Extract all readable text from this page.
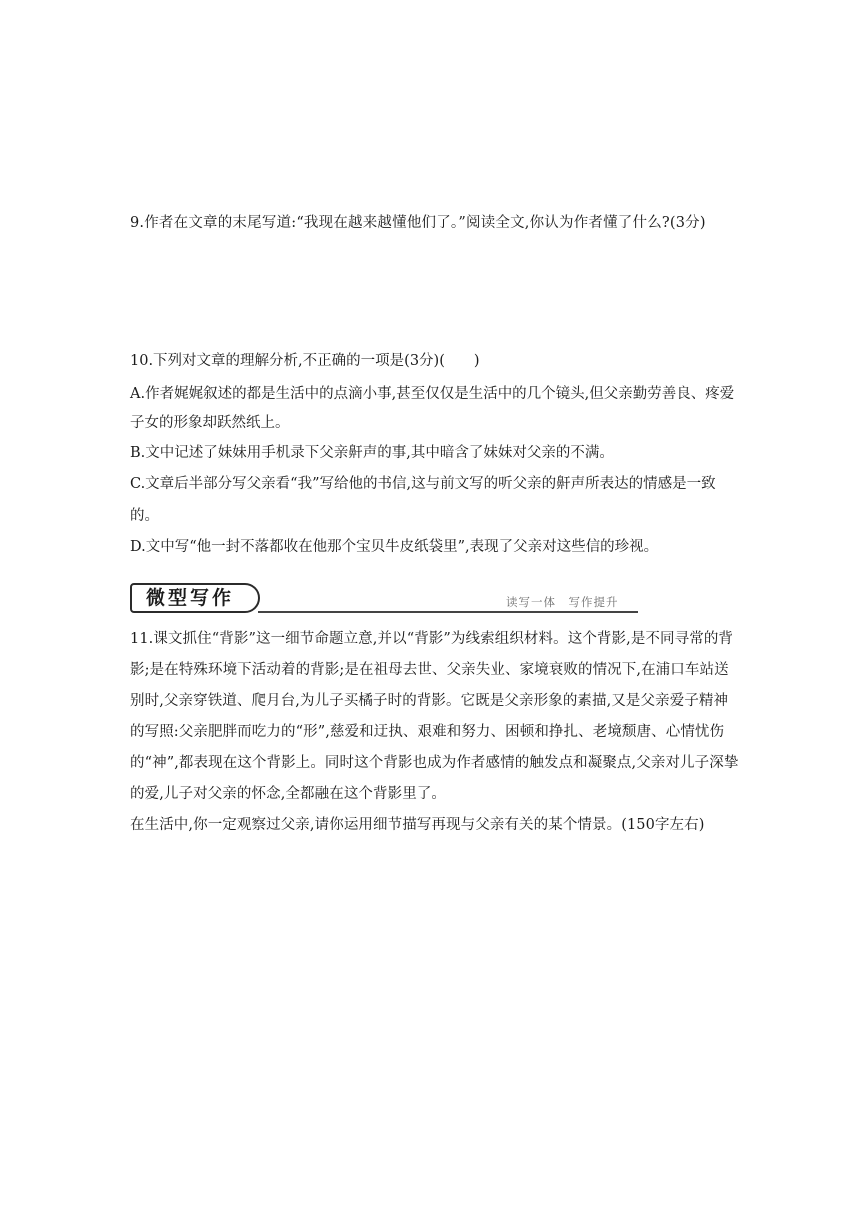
9.作者在文章的末尾写道:“我现在越来越懂他们了。”阅读全文,你认为作者懂了什么?(3分)

10.下列对文章的理解分析,不正确的一项是(3分)(　　)

A.作者娓娓叙述的都是生活中的点滴小事,甚至仅仅是生活中的几个镜头,但父亲勤劳善良、疼爱子女的形象却跃然纸上。

B.文中记述了妹妹用手机录下父亲鼾声的事,其中暗含了妹妹对父亲的不满。

C.文章后半部分写父亲看“我”写给他的书信,这与前文写的听父亲的鼾声所表达的情感是一致的。

D.文中写“他一封不落都收在他那个宝贝牛皮纸袋里”,表现了父亲对这些信的珍视。

微型写作	读写一体　写作提升

11.课文抓住“背影”这一细节命题立意,并以“背影”为线索组织材料。这个背影,是不同寻常的背影;是在特殊环境下活动着的背影;是在祖母去世、父亲失业、家境衰败的情况下,在浦口车站送别时,父亲穿铁道、爬月台,为儿子买橘子时的背影。它既是父亲形象的素描,又是父亲爱子精神的写照:父亲肥胖而吃力的“形”,慈爱和迂执、艰难和努力、困顿和挣扎、老境颓唐、心情忧伤的“神”,都表现在这个背影上。同时这个背影也成为作者感情的触发点和凝聚点,父亲对儿子深挚的爱,儿子对父亲的怀念,全都融在这个背影里了。

在生活中,你一定观察过父亲,请你运用细节描写再现与父亲有关的某个情景。(150字左右)
